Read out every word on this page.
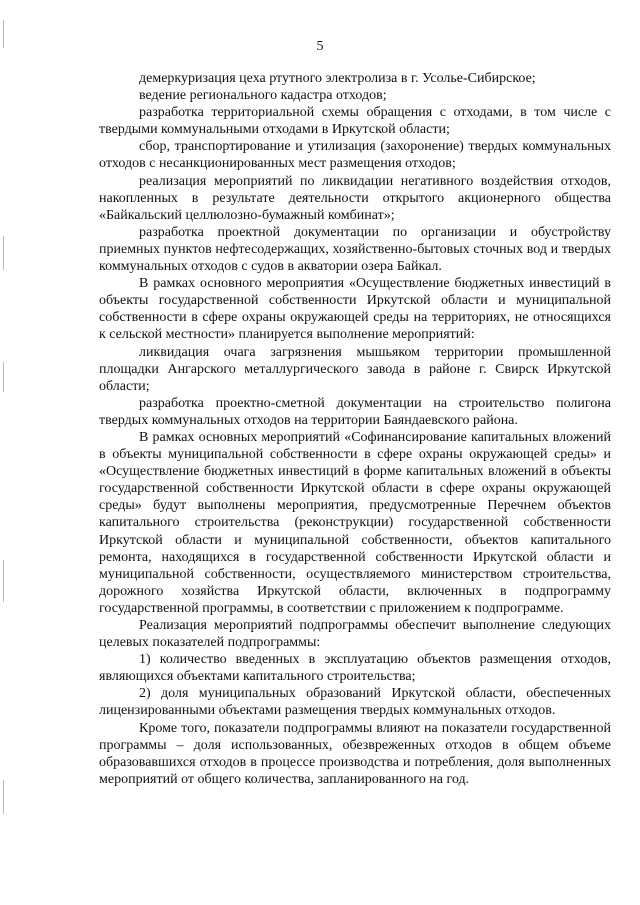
5

демеркуризация цеха ртутного электролиза в г. Усолье-Сибирское;

ведение регионального кадастра отходов;

разработка территориальной схемы обращения с отходами, в том числе с твердыми коммунальными отходами в Иркутской области;

сбор, транспортирование и утилизация (захоронение) твердых коммунальных отходов с несанкционированных мест размещения отходов;

реализация мероприятий по ликвидации негативного воздействия отходов, накопленных в результате деятельности открытого акционерного общества «Байкальский целлюлозно-бумажный комбинат»;

разработка проектной документации по организации и обустройству приемных пунктов нефтесодержащих, хозяйственно-бытовых сточных вод и твердых коммунальных отходов с судов в акватории озера Байкал.

В рамках основного мероприятия «Осуществление бюджетных инвестиций в объекты государственной собственности Иркутской области и муниципальной собственности в сфере охраны окружающей среды на территориях, не относящихся к сельской местности» планируется выполнение мероприятий:

ликвидация очага загрязнения мышьяком территории промышленной площадки Ангарского металлургического завода в районе г. Свирск Иркутской области;

разработка проектно-сметной документации на строительство полигона твердых коммунальных отходов на территории Баяндаевского района.

В рамках основных мероприятий «Софинансирование капитальных вложений в объекты муниципальной собственности в сфере охраны окружающей среды» и «Осуществление бюджетных инвестиций в форме капитальных вложений в объекты государственной собственности Иркутской области в сфере охраны окружающей среды» будут выполнены мероприятия, предусмотренные Перечнем объектов капитального строительства (реконструкции) государственной собственности Иркутской области и муниципальной собственности, объектов капитального ремонта, находящихся в государственной собственности Иркутской области и муниципальной собственности, осуществляемого министерством строительства, дорожного хозяйства Иркутской области, включенных в подпрограмму государственной программы, в соответствии с приложением к подпрограмме.

Реализация мероприятий подпрограммы обеспечит выполнение следующих целевых показателей подпрограммы:

1) количество введенных в эксплуатацию объектов размещения отходов, являющихся объектами капитального строительства;

2) доля муниципальных образований Иркутской области, обеспеченных лицензированными объектами размещения твердых коммунальных отходов.

Кроме того, показатели подпрограммы влияют на показатели государственной программы – доля использованных, обезвреженных отходов в общем объеме образовавшихся отходов в процессе производства и потребления, доля выполненных мероприятий от общего количества, запланированного на год.
